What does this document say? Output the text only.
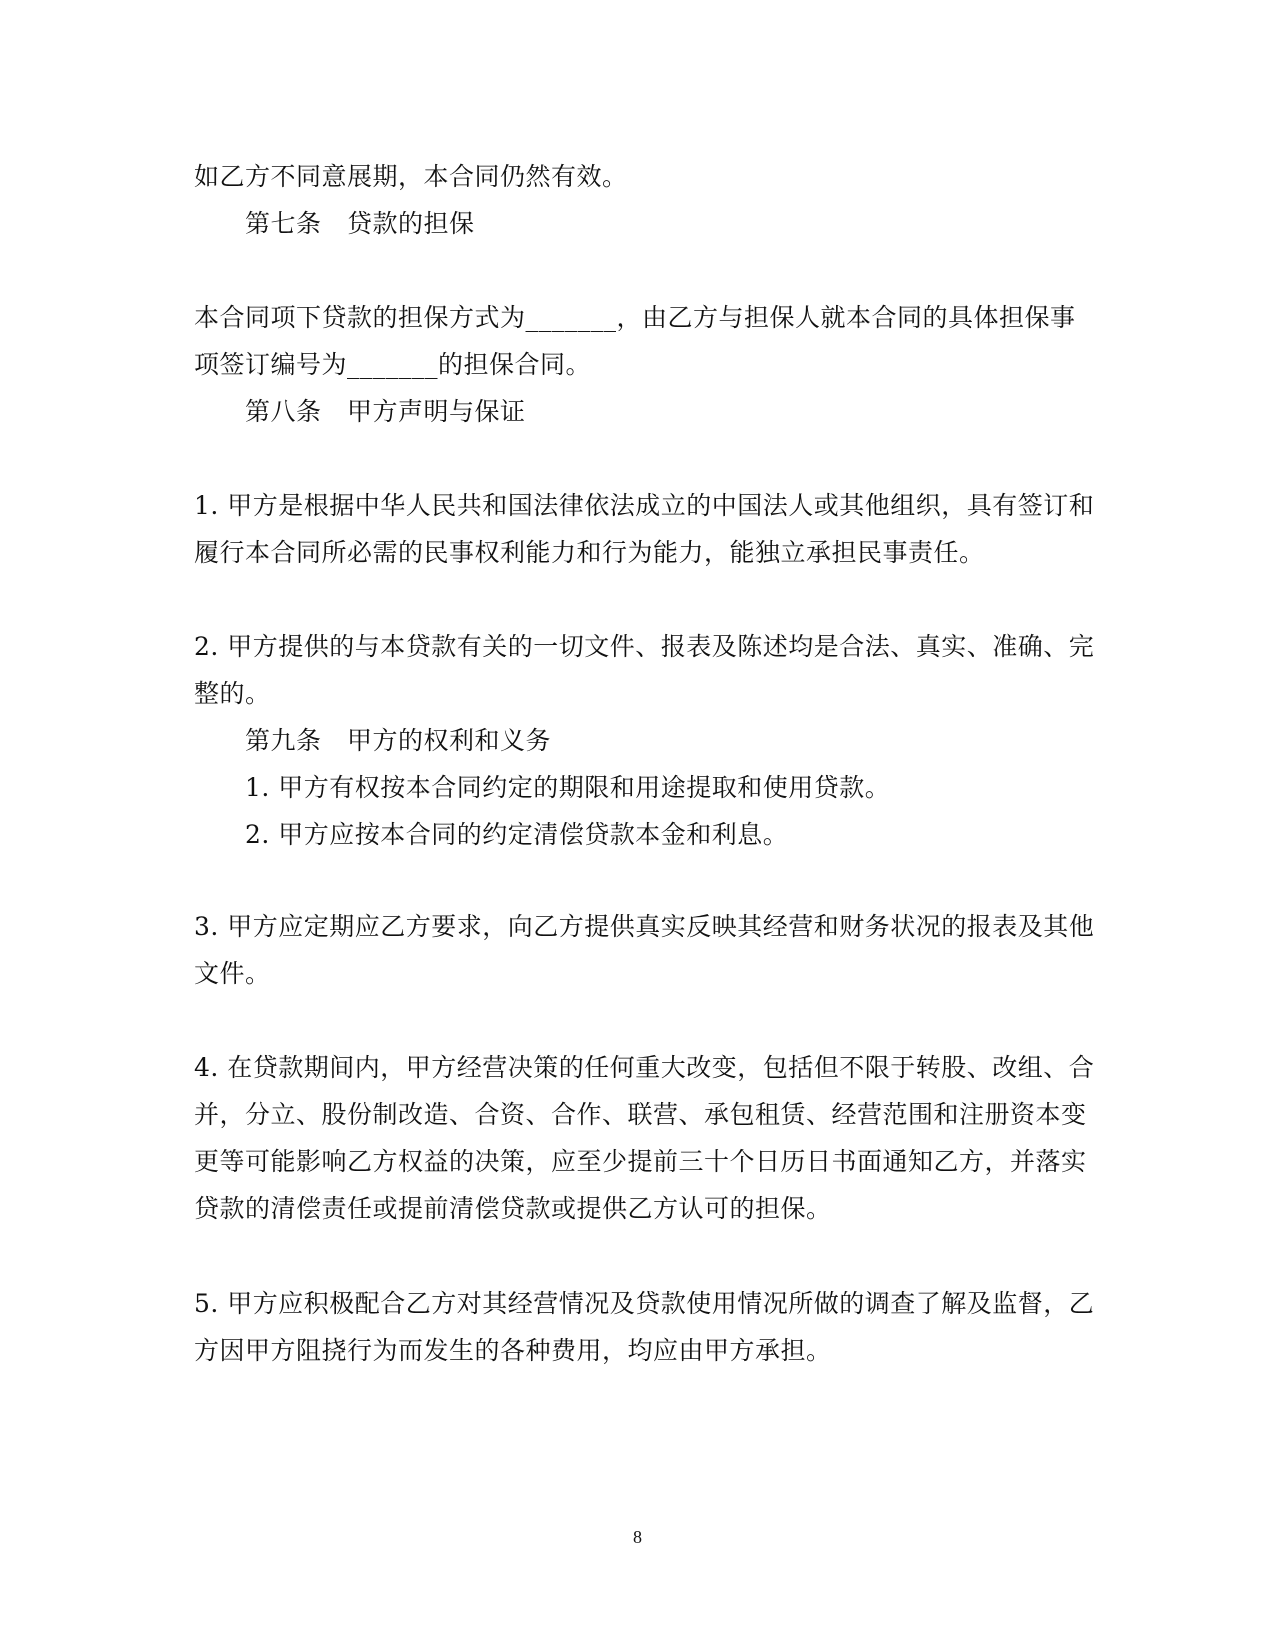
如乙方不同意展期，本合同仍然有效。
第七条　贷款的担保
本合同项下贷款的担保方式为_______，由乙方与担保人就本合同的具体担保事
项签订编号为_______的担保合同。
第八条　甲方声明与保证
1. 甲方是根据中华人民共和国法律依法成立的中国法人或其他组织，具有签订和
履行本合同所必需的民事权利能力和行为能力，能独立承担民事责任。
2. 甲方提供的与本贷款有关的一切文件、报表及陈述均是合法、真实、准确、完
整的。
第九条　甲方的权利和义务
1. 甲方有权按本合同约定的期限和用途提取和使用贷款。
2. 甲方应按本合同的约定清偿贷款本金和利息。
3. 甲方应定期应乙方要求，向乙方提供真实反映其经营和财务状况的报表及其他
文件。
4. 在贷款期间内，甲方经营决策的任何重大改变，包括但不限于转股、改组、合
并，分立、股份制改造、合资、合作、联营、承包租赁、经营范围和注册资本变
更等可能影响乙方权益的决策，应至少提前三十个日历日书面通知乙方，并落实
贷款的清偿责任或提前清偿贷款或提供乙方认可的担保。
5. 甲方应积极配合乙方对其经营情况及贷款使用情况所做的调查了解及监督，乙
方因甲方阻挠行为而发生的各种费用，均应由甲方承担。
8
